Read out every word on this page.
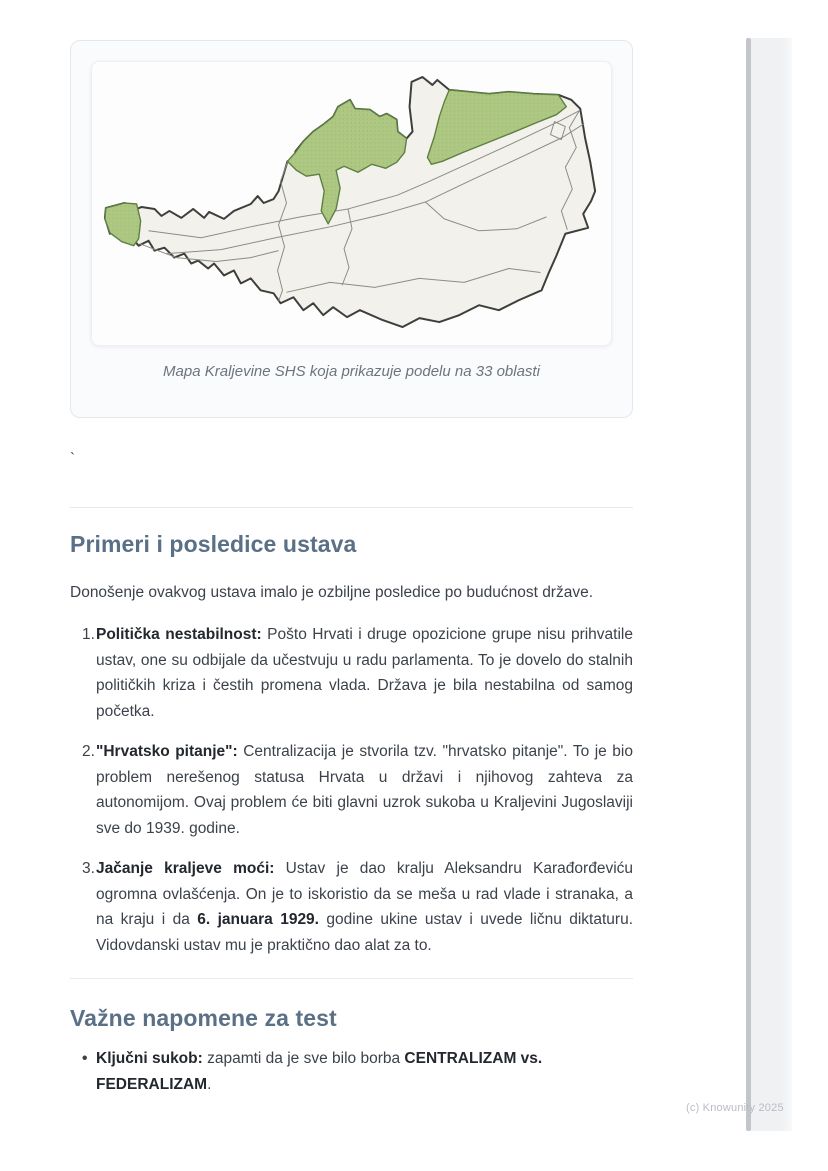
Mapa Kraljevine SHS koja prikazuje podelu na 33 oblasti
`
Primeri i posledice ustava

Donošenje ovakvog ustava imalo je ozbiljne posledice po budućnost države.

1. Politička nestabilnost: Pošto Hrvati i druge opozicione grupe nisu prihvatile ustav, one su odbijale da učestvuju u radu parlamenta. To je dovelo do stalnih političkih kriza i čestih promena vlada. Država je bila nestabilna od samog početka.
2. "Hrvatsko pitanje": Centralizacija je stvorila tzv. "hrvatsko pitanje". To je bio problem nerešenog statusa Hrvata u državi i njihovog zahteva za autonomijom. Ovaj problem će biti glavni uzrok sukoba u Kraljevini Jugoslaviji sve do 1939. godine.
3. Jačanje kraljeve moći: Ustav je dao kralju Aleksandru Karađorđeviću ogromna ovlašćenja. On je to iskoristio da se meša u rad vlade i stranaka, a na kraju i da 6. januara 1929. godine ukine ustav i uvede ličnu diktaturu. Vidovdanski ustav mu je praktično dao alat za to.
Važne napomene za test
• Ključni sukob: zapamti da je sve bilo borba CENTRALIZAM vs. FEDERALIZAM.
(c) Knowunity 2025
